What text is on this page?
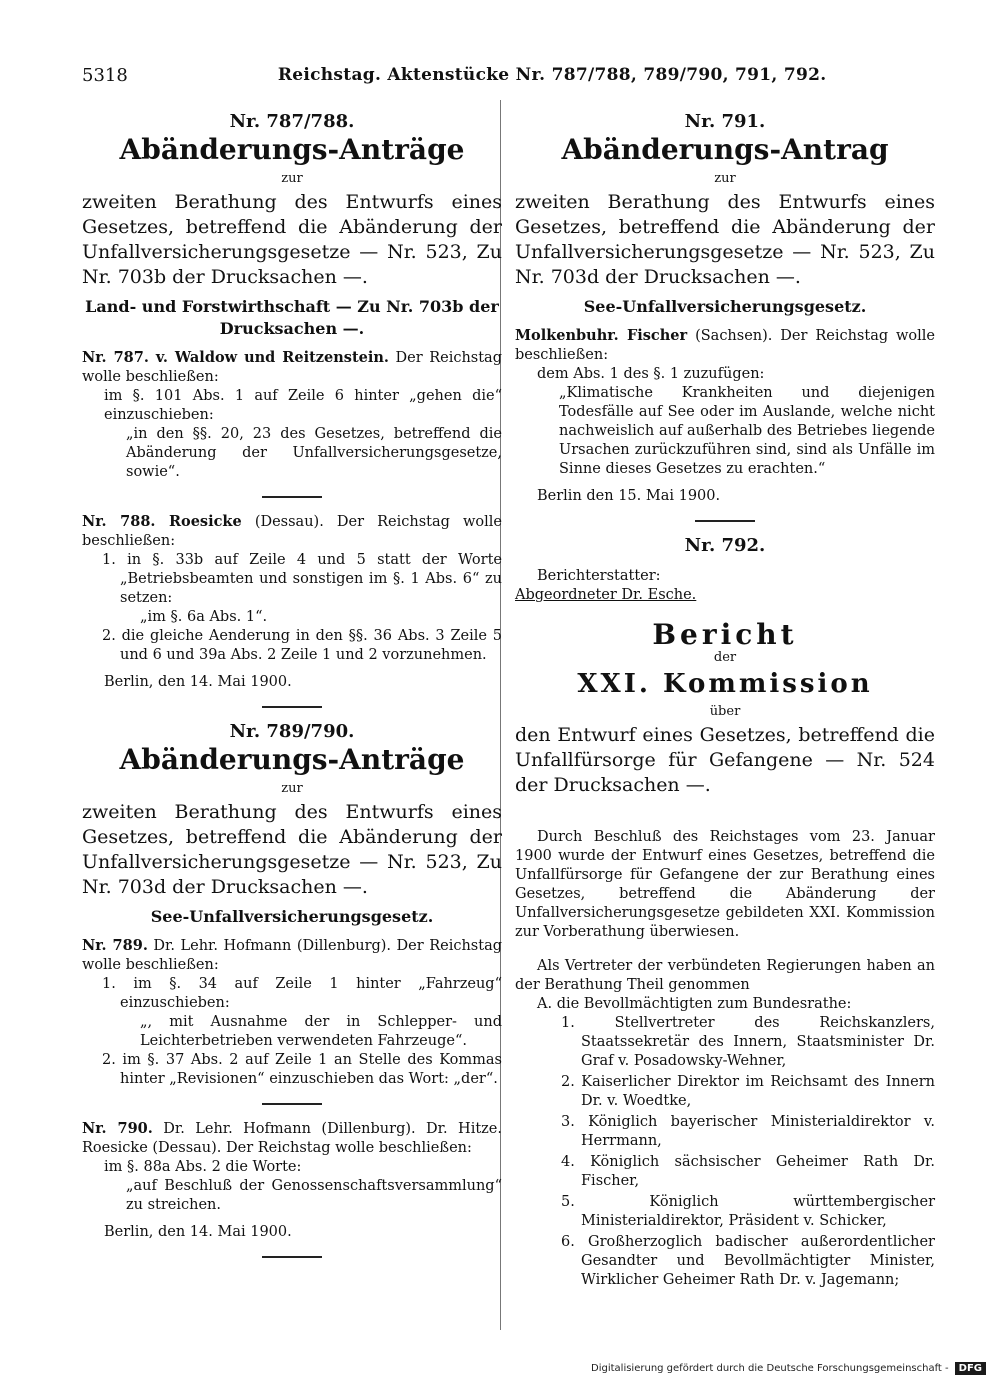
5318	Reichstag. Aktenstücke Nr. 787/788, 789/790, 791, 792.
Nr. 787/788.
Abänderungs-Anträge
zur

zweiten Berathung des Entwurfs eines Gesetzes, betreffend die Abänderung der Unfallversicherungsgesetze — Nr. 523, Zu Nr. 703b der Drucksachen —.

Land- und Forstwirthschaft — Zu Nr. 703b der Drucksachen —.

Nr. 787. v. Waldow und Reitzenstein. Der Reichstag wolle beschließen:

im §. 101 Abs. 1 auf Zeile 6 hinter „gehen die“ einzuschieben:

„in den §§. 20, 23 des Gesetzes, betreffend die Abänderung der Unfallversicherungsgesetze, sowie“.

Nr. 788. Roesicke (Dessau). Der Reichstag wolle beschließen:

1. in §. 33b auf Zeile 4 und 5 statt der Worte „Betriebsbeamten und sonstigen im §. 1 Abs. 6“ zu setzen:

„im §. 6a Abs. 1“.

2. die gleiche Aenderung in den §§. 36 Abs. 3 Zeile 5 und 6 und 39a Abs. 2 Zeile 1 und 2 vorzunehmen.

Berlin, den 14. Mai 1900.

Nr. 789/790.
Abänderungs-Anträge
zur

zweiten Berathung des Entwurfs eines Gesetzes, betreffend die Abänderung der Unfallversicherungsgesetze — Nr. 523, Zu Nr. 703d der Drucksachen —.

See-Unfallversicherungsgesetz.

Nr. 789. Dr. Lehr. Hofmann (Dillenburg). Der Reichstag wolle beschließen:

1. im §. 34 auf Zeile 1 hinter „Fahrzeug“ einzuschieben:

„, mit Ausnahme der in Schlepper- und Leichterbetrieben verwendeten Fahrzeuge“.

2. im §. 37 Abs. 2 auf Zeile 1 an Stelle des Kommas hinter „Revisionen“ einzuschieben das Wort: „der“.

Nr. 790. Dr. Lehr. Hofmann (Dillenburg). Dr. Hitze. Roesicke (Dessau). Der Reichstag wolle beschließen:

im §. 88a Abs. 2 die Worte:

„auf Beschluß der Genossenschaftsversammlung“ zu streichen.

Berlin, den 14. Mai 1900.

Nr. 791.
Abänderungs-Antrag
zur

zweiten Berathung des Entwurfs eines Gesetzes, betreffend die Abänderung der Unfallversicherungsgesetze — Nr. 523, Zu Nr. 703d der Drucksachen —.

See-Unfallversicherungsgesetz.

Molkenbuhr. Fischer (Sachsen). Der Reichstag wolle beschließen:

dem Abs. 1 des §. 1 zuzufügen:

„Klimatische Krankheiten und diejenigen Todesfälle auf See oder im Auslande, welche nicht nachweislich auf außerhalb des Betriebes liegende Ursachen zurückzuführen sind, sind als Unfälle im Sinne dieses Gesetzes zu erachten.“

Berlin den 15. Mai 1900.

Nr. 792.
Berichterstatter:
Abgeordneter Dr. Esche.
Bericht
der
XXI. Kommission
über

den Entwurf eines Gesetzes, betreffend die Unfallfürsorge für Gefangene — Nr. 524 der Drucksachen —.

Durch Beschluß des Reichstages vom 23. Januar 1900 wurde der Entwurf eines Gesetzes, betreffend die Unfallfürsorge für Gefangene der zur Berathung eines Gesetzes, betreffend die Abänderung der Unfallversicherungsgesetze gebildeten XXI. Kommission zur Vorberathung überwiesen.

Als Vertreter der verbündeten Regierungen haben an der Berathung Theil genommen

A. die Bevollmächtigten zum Bundesrathe:

1. Stellvertreter des Reichskanzlers, Staatssekretär des Innern, Staatsminister Dr. Graf v. Posadowsky-Wehner,

2. Kaiserlicher Direktor im Reichsamt des Innern Dr. v. Woedtke,

3. Königlich bayerischer Ministerialdirektor v. Herrmann,

4. Königlich sächsischer Geheimer Rath Dr. Fischer,

5. Königlich württembergischer Ministerialdirektor, Präsident v. Schicker,

6. Großherzoglich badischer außerordentlicher Gesandter und Bevollmächtigter Minister, Wirklicher Geheimer Rath Dr. v. Jagemann;

Digitalisierung gefördert durch die Deutsche Forschungsgemeinschaft -	DFG
